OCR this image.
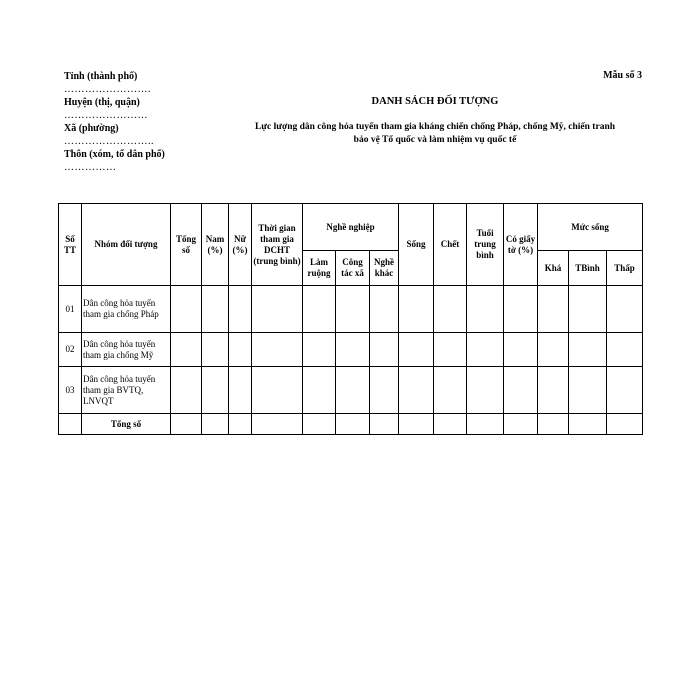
Tỉnh (thành phố)
…………………….
Huyện (thị, quận)
……………………
Xã (phường)
……………………..
Thôn (xóm, tổ dân phố)
……………
Mẫu số 3
DANH SÁCH ĐỐI TƯỢNG
Lực lượng dân công hỏa tuyến tham gia kháng chiến chống Pháp, chống Mỹ, chiến tranh
bảo vệ Tổ quốc và làm nhiệm vụ quốc tế
Số TT	Nhóm đối tượng	Tổng số	Nam (%)	Nữ (%)	Thời gian tham gia DCHT (trung bình)	Nghề nghiệp			Sống	Chết	Tuổi trung bình	Có giấy tờ (%)	Mức sống		
						Làm ruộng	Công tác xã	Nghề khác					Khá	TBình	Thấp
01	Dân công hỏa tuyến tham gia chống Pháp														
02	Dân công hỏa tuyến tham gia chống Mỹ														
03	Dân công hỏa tuyến tham gia BVTQ, LNVQT														
	Tổng số														
